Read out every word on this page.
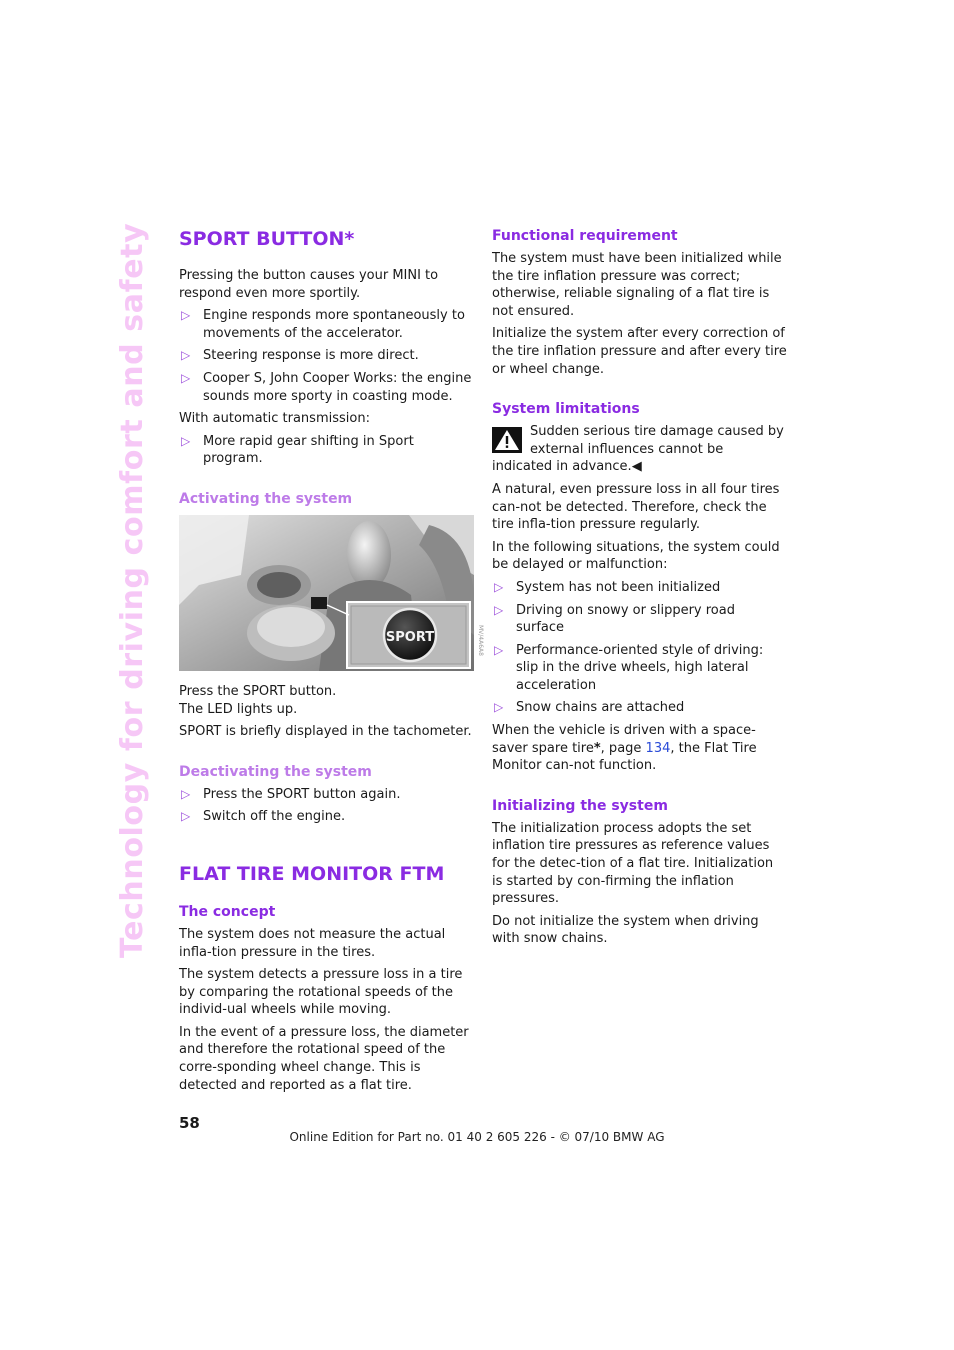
Technology for driving comfort and safety	SPORT BUTTON*

Pressing the button causes your MINI to respond even more sportily.

▷ Engine responds more spontaneously to movements of the accelerator.
▷ Steering response is more direct.
▷ Cooper S, John Cooper Works: the engine sounds more sporty in coasting mode.

With automatic transmission:

▷ More rapid gear shifting in Sport program.
Activating the system
SPORT	MV/4A6A8

Press the SPORT button.
The LED lights up.

SPORT is briefly displayed in the tachometer.

Deactivating the system
▷ Press the SPORT button again.
▷ Switch off the engine.
FLAT TIRE MONITOR FTM
The concept

The system does not measure the actual infla-tion pressure in the tires.

The system detects a pressure loss in a tire by comparing the rotational speeds of the individ-ual wheels while moving.

In the event of a pressure loss, the diameter and therefore the rotational speed of the corre-sponding wheel change. This is detected and reported as a flat tire.

Functional requirement

The system must have been initialized while the tire inflation pressure was correct; otherwise, reliable signaling of a flat tire is not ensured.

Initialize the system after every correction of the tire inflation pressure and after every tire or wheel change.

System limitations
Sudden serious tire damage caused by external influences cannot be indicated in advance.◀

A natural, even pressure loss in all four tires can-not be detected. Therefore, check the tire infla-tion pressure regularly.

In the following situations, the system could be delayed or malfunction:

▷ System has not been initialized
▷ Driving on snowy or slippery road surface
▷ Performance-oriented style of driving: slip in the drive wheels, high lateral acceleration
▷ Snow chains are attached

When the vehicle is driven with a space-saver spare tire*, page 134, the Flat Tire Monitor can-not function.

Initializing the system

The initialization process adopts the set inflation tire pressures as reference values for the detec-tion of a flat tire. Initialization is started by con-firming the inflation pressures.

Do not initialize the system when driving with snow chains.

58
Online Edition for Part no. 01 40 2 605 226 - © 07/10 BMW AG
